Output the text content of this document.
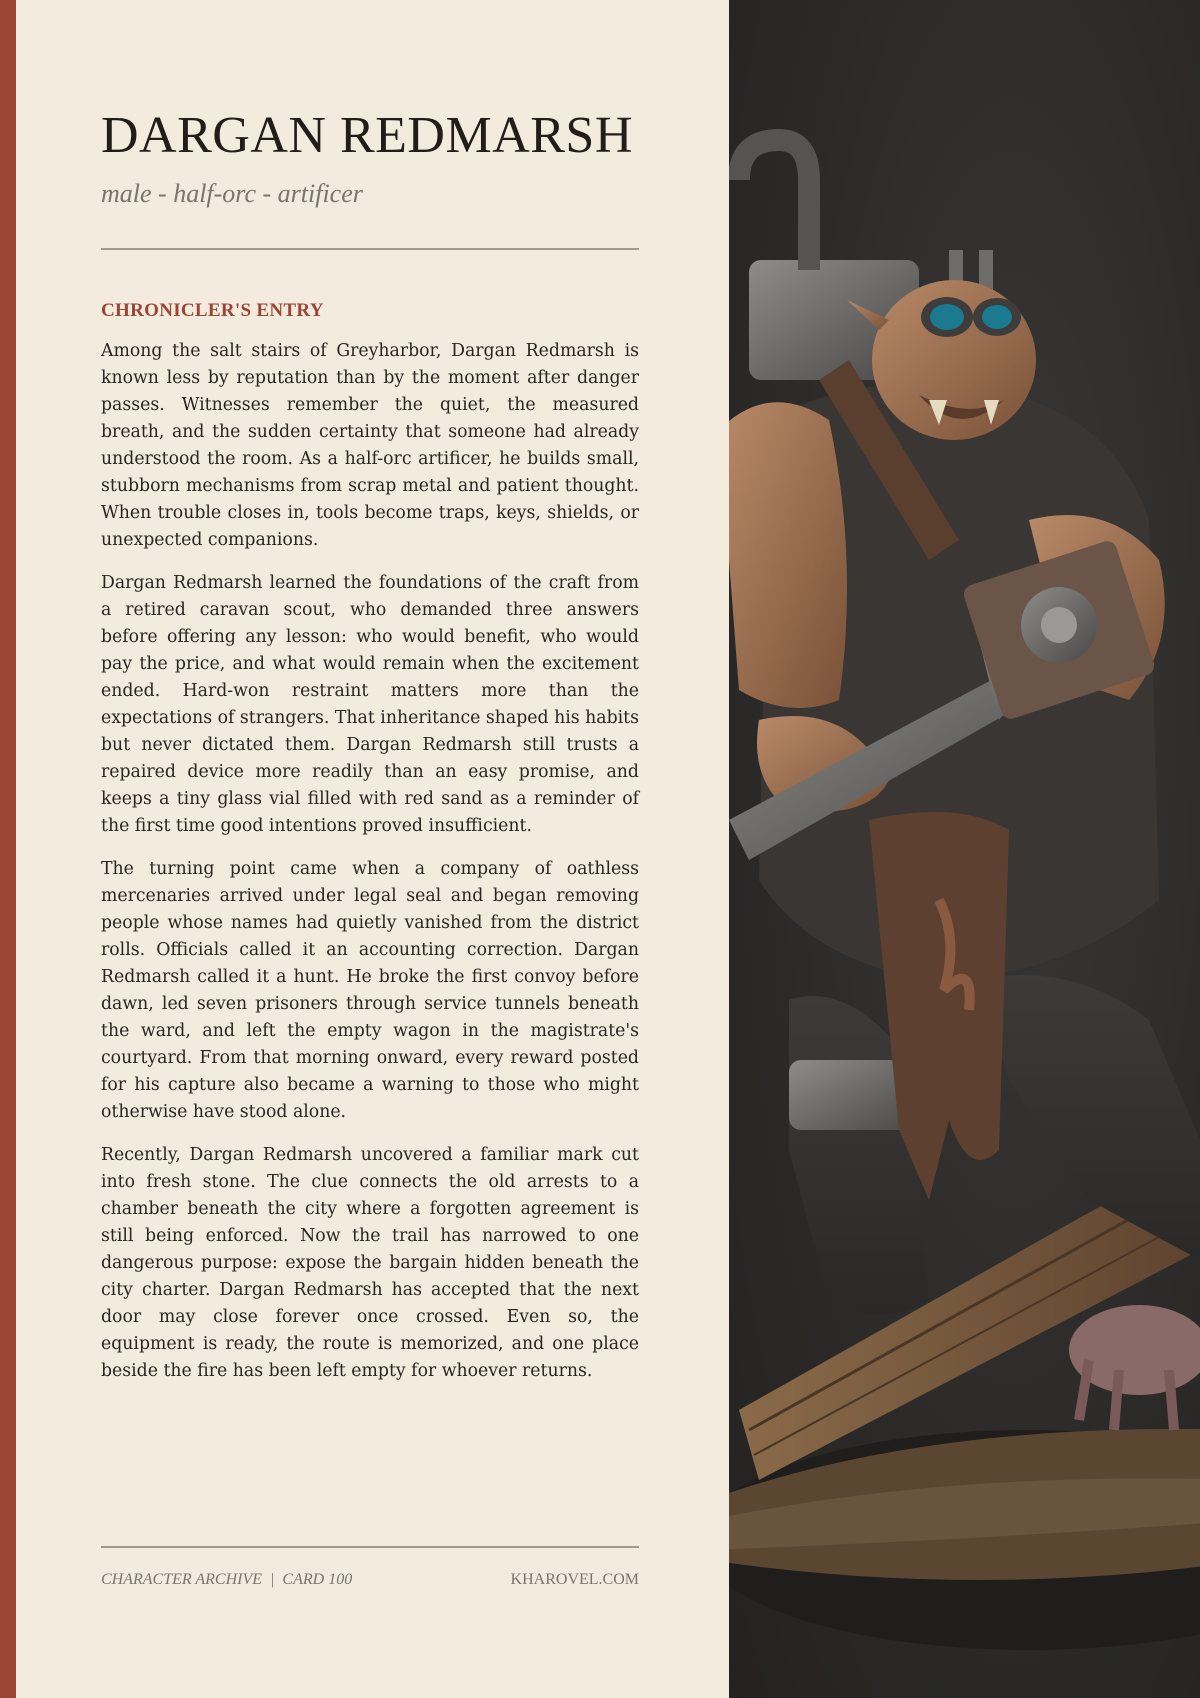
DARGAN REDMARSH

male - half-orc - artificer

CHRONICLER'S ENTRY

Among the salt stairs of Greyharbor, Dargan Redmarsh is known less by reputation than by the moment after danger passes. Witnesses remember the quiet, the measured breath, and the sudden certainty that someone had already understood the room. As a half-orc artificer, he builds small, stubborn mechanisms from scrap metal and patient thought. When trouble closes in, tools become traps, keys, shields, or unexpected companions.

Dargan Redmarsh learned the foundations of the craft from a retired caravan scout, who demanded three answers before offering any lesson: who would benefit, who would pay the price, and what would remain when the excitement ended. Hard-won restraint matters more than the expectations of strangers. That inheritance shaped his habits but never dictated them. Dargan Redmarsh still trusts a repaired device more readily than an easy promise, and keeps a tiny glass vial filled with red sand as a reminder of the first time good intentions proved insufficient.

The turning point came when a company of oathless mercenaries arrived under legal seal and began removing people whose names had quietly vanished from the district rolls. Officials called it an accounting correction. Dargan Redmarsh called it a hunt. He broke the first convoy before dawn, led seven prisoners through service tunnels beneath the ward, and left the empty wagon in the magistrate's courtyard. From that morning onward, every reward posted for his capture also became a warning to those who might otherwise have stood alone.

Recently, Dargan Redmarsh uncovered a familiar mark cut into fresh stone. The clue connects the old arrests to a chamber beneath the city where a forgotten agreement is still being enforced. Now the trail has narrowed to one dangerous purpose: expose the bargain hidden beneath the city charter. Dargan Redmarsh has accepted that the next door may close forever once crossed. Even so, the equipment is ready, the route is memorized, and one place beside the fire has been left empty for whoever returns.

CHARACTER ARCHIVE  |  CARD 100	KHAROVEL.COM
